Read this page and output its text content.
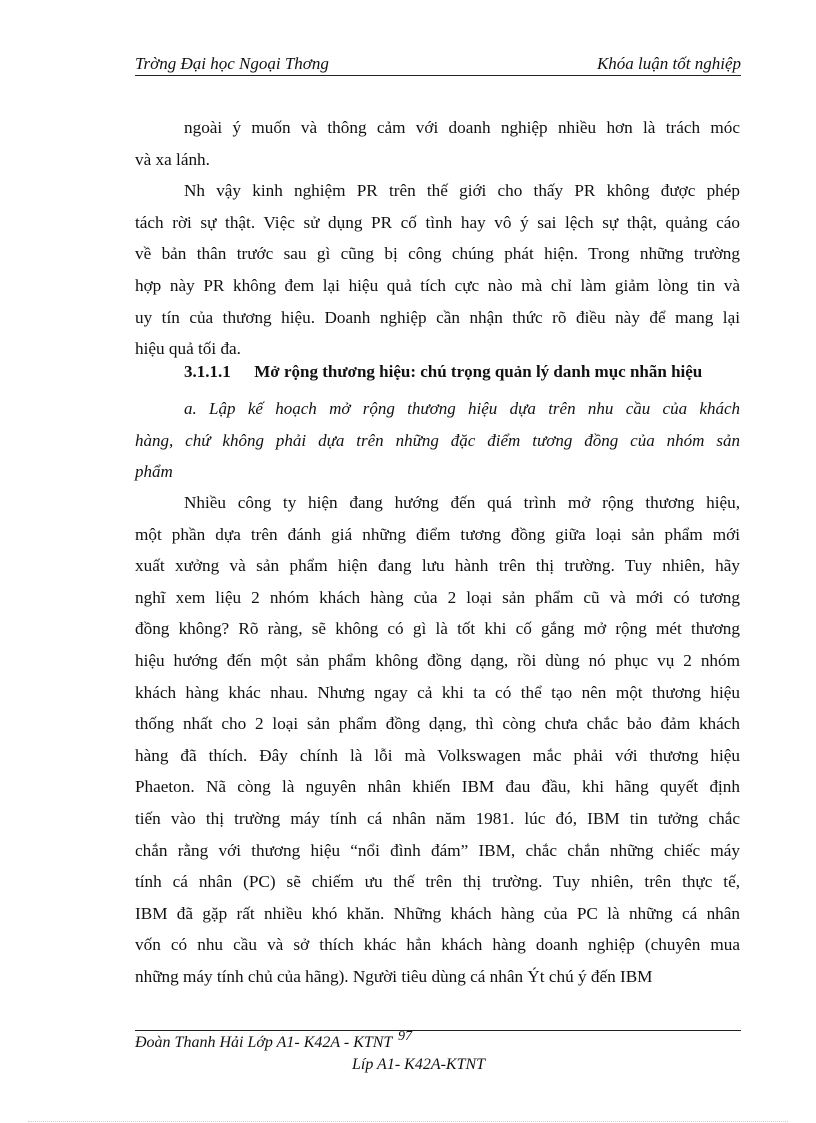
Trờng Đại học Ngoại Thơng	Khóa luận tốt nghiệp
ngoài ý muốn và thông cảm với doanh nghiệp nhiều hơn là trách móc
và xa lánh.
Nh vậy kinh nghiệm PR trên thế giới cho thấy PR không được phép
tách rời sự thật. Việc sử dụng PR cố tình hay vô ý sai lệch sự thật, quảng cáo
về bản thân trước sau gì cũng bị công chúng phát hiện. Trong những trường
hợp này PR không đem lại hiệu quả tích cực nào mà chỉ làm giảm lòng tin và
uy tín của thương hiệu. Doanh nghiệp cần nhận thức rõ điều này để mang lại
hiệu quả tối đa.
3.1.1.1 Mở rộng thương hiệu: chú trọng quản lý danh mục nhãn hiệu
a. Lập kế hoạch mở rộng thương hiệu dựa trên nhu cầu của khách
hàng, chứ không phải dựa trên những đặc điểm tương đồng của nhóm sản
phẩm
Nhiều công ty hiện đang hướng đến quá trình mở rộng thương hiệu,
một phần dựa trên đánh giá những điểm tương đồng giữa loại sản phẩm mới
xuất xưởng và sản phẩm hiện đang lưu hành trên thị trường. Tuy nhiên, hãy
nghĩ xem liệu 2 nhóm khách hàng của 2 loại sản phẩm cũ và mới có tương
đồng không? Rõ ràng, sẽ không có gì là tốt khi cố gắng mở rộng mét thương
hiệu hướng đến một sản phẩm không đồng dạng, rồi dùng nó phục vụ 2 nhóm
khách hàng khác nhau. Nhưng ngay cả khi ta có thể tạo nên một thương hiệu
thống nhất cho 2 loại sản phẩm đồng dạng, thì còng chưa chắc bảo đảm khách
hàng đã thích. Đây chính là lỗi mà Volkswagen mắc phải với thương hiệu
Phaeton. Nã còng là nguyên nhân khiến IBM đau đầu, khi hãng quyết định
tiến vào thị trường máy tính cá nhân năm 1981. lúc đó, IBM tin tưởng chắc
chắn rằng với thương hiệu “nổi đình đám” IBM, chắc chắn những chiếc máy
tính cá nhân (PC) sẽ chiếm ưu thế trên thị trường. Tuy nhiên, trên thực tế,
IBM đã gặp rất nhiều khó khăn. Những khách hàng của PC là những cá nhân
vốn có nhu cầu và sở thích khác hẳn khách hàng doanh nghiệp (chuyên mua
những máy tính chủ của hãng). Người tiêu dùng cá nhân Ýt chú ý đến IBM
Đoàn Thanh Hải Lớp A1- K42A - KTNT 97
Líp A1- K42A-KTNT
